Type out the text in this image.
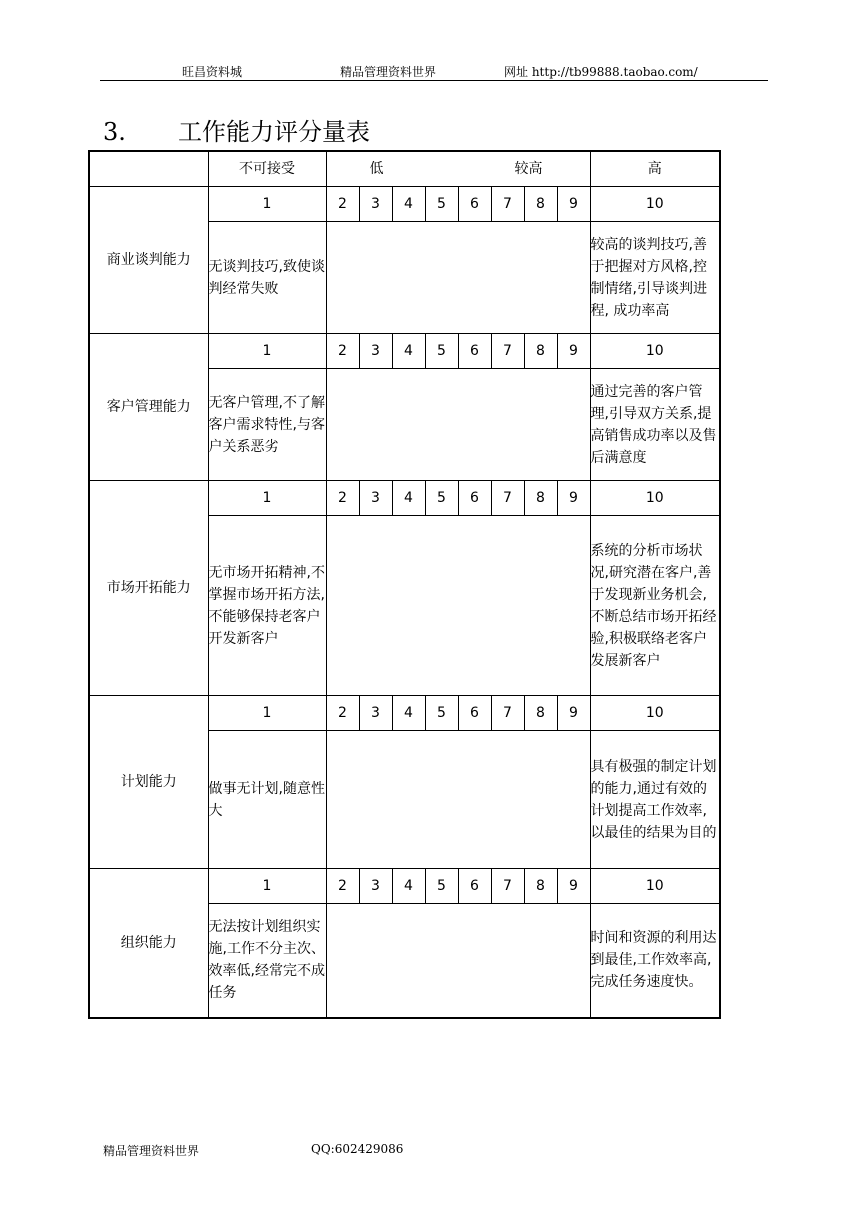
旺昌资料城	精品管理资料世界	网址 http://tb99888.taobao.com/
3. 工作能力评分量表
	不可接受	低 较高								高
商业谈判能力	1	2	3	4	5	6	7	8	9	10
	无谈判技巧,致使谈判经常失败									较高的谈判技巧,善于把握对方风格,控制情绪,引导谈判进程, 成功率高
客户管理能力	1	2	3	4	5	6	7	8	9	10
	无客户管理,不了解客户需求特性,与客户关系恶劣									通过完善的客户管理,引导双方关系,提高销售成功率以及售后满意度
市场开拓能力	1	2	3	4	5	6	7	8	9	10
	无市场开拓精神,不掌握市场开拓方法,不能够保持老客户开发新客户									系统的分析市场状况,研究潜在客户,善于发现新业务机会,不断总结市场开拓经验,积极联络老客户发展新客户
计划能力	1	2	3	4	5	6	7	8	9	10
	做事无计划,随意性大									具有极强的制定计划的能力,通过有效的计划提高工作效率,以最佳的结果为目的
组织能力	1	2	3	4	5	6	7	8	9	10
	无法按计划组织实施,工作不分主次、效率低,经常完不成任务									时间和资源的利用达到最佳,工作效率高,完成任务速度快。
精品管理资料世界	QQ:602429086
